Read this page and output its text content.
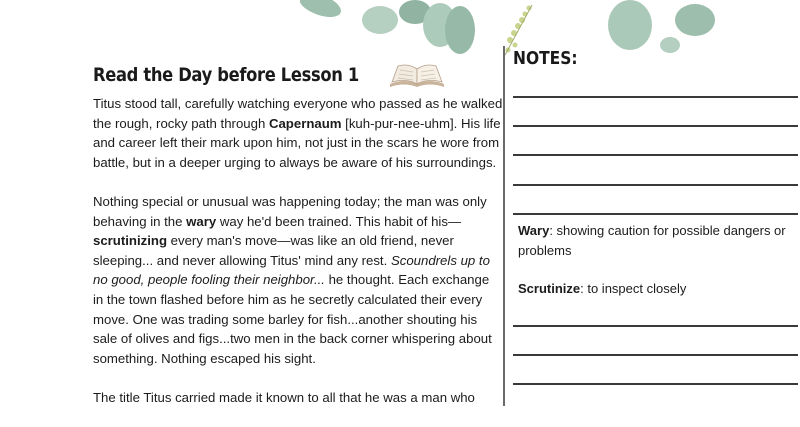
Read the Day before Lesson 1

Titus stood tall, carefully watching everyone who passed as he walked the rough, rocky path through Capernaum [kuh-pur-nee-uhm]. His life and career left their mark upon him, not just in the scars he wore from battle, but in a deeper urging to always be aware of his surroundings.

Nothing special or unusual was happening today; the man was only behaving in the wary way he'd been trained. This habit of his—scrutinizing every man's move—was like an old friend, never sleeping... and never allowing Titus' mind any rest. Scoundrels up to no good, people fooling their neighbor... he thought. Each exchange in the town flashed before him as he secretly calculated their every move. One was trading some barley for fish...another shouting his sale of olives and figs...two men in the back corner whispering about something. Nothing escaped his sight.

The title Titus carried made it known to all that he was a man who

NOTES:
Wary: showing caution for possible dangers or problems
Scrutinize: to inspect closely
